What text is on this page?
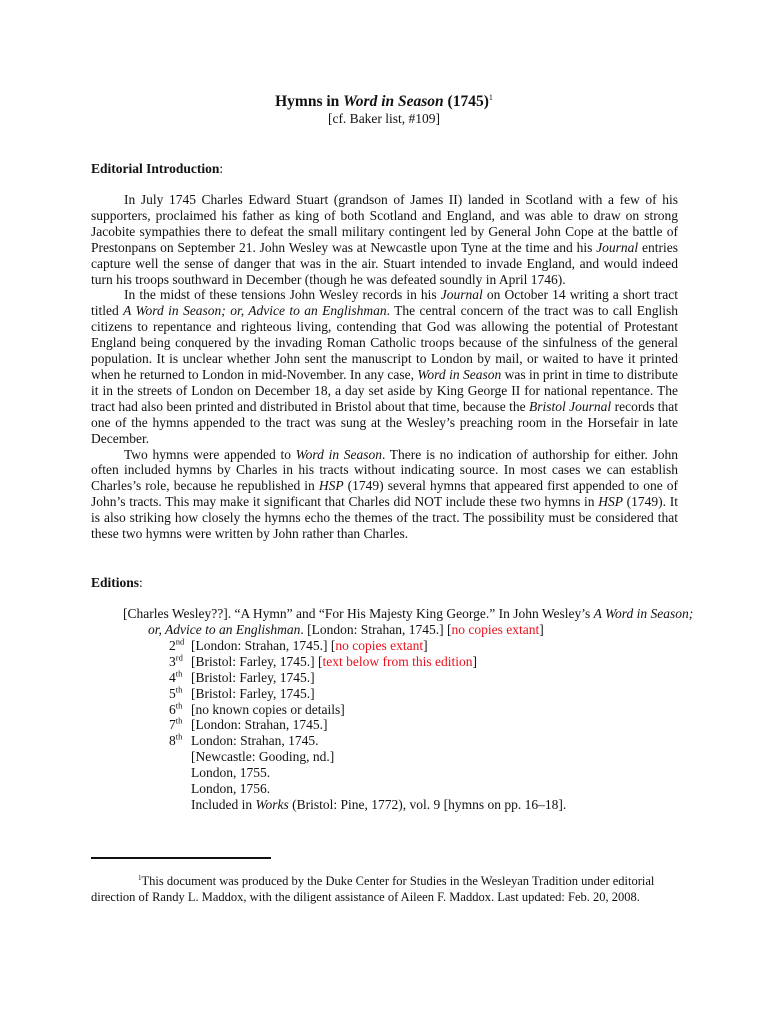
Hymns in Word in Season $(1745)^1$
[cf. Baker list, #109]
Editorial Introduction:

In July 1745 Charles Edward Stuart (grandson of James II) landed in Scotland with a few of his supporters, proclaimed his father as king of both Scotland and England, and was able to draw on strong Jacobite sympathies there to defeat the small military contingent led by General John Cope at the battle of Prestonpans on September 21. John Wesley was at Newcastle upon Tyne at the time and his Journal entries capture well the sense of danger that was in the air. Stuart intended to invade England, and would indeed turn his troops southward in December (though he was defeated soundly in April 1746).

In the midst of these tensions John Wesley records in his Journal on October 14 writing a short tract titled A Word in Season; or, Advice to an Englishman. The central concern of the tract was to call English citizens to repentance and righteous living, contending that God was allowing the potential of Protestant England being conquered by the invading Roman Catholic troops because of the sinfulness of the general population. It is unclear whether John sent the manuscript to London by mail, or waited to have it printed when he returned to London in mid-November. In any case, Word in Season was in print in time to distribute it in the streets of London on December 18, a day set aside by King George II for national repentance. The tract had also been printed and distributed in Bristol about that time, because the Bristol Journal records that one of the hymns appended to the tract was sung at the Wesley’s preaching room in the Horsefair in late December.

Two hymns were appended to Word in Season. There is no indication of authorship for either. John often included hymns by Charles in his tracts without indicating source. In most cases we can establish Charles’s role, because he republished in HSP (1749) several hymns that appeared first appended to one of John’s tracts. This may make it significant that Charles did NOT include these two hymns in HSP (1749). It is also striking how closely the hymns echo the themes of the tract. The possibility must be considered that these two hymns were written by John rather than Charles.

Editions:
[Charles Wesley??]. “A Hymn” and “For His Majesty King George.” In John Wesley’s A Word in Season; or, Advice to an Englishman. [London: Strahan, 1745.] [no copies extant]
2nd [London: Strahan, 1745.] [no copies extant]
3rd [Bristol: Farley, 1745.] [text below from this edition]
4th [Bristol: Farley, 1745.]
5th [Bristol: Farley, 1745.]
6th [no known copies or details]
7th [London: Strahan, 1745.]
8th London: Strahan, 1745.
[Newcastle: Gooding, nd.]
London, 1755.
London, 1756.
Included in Works (Bristol: Pine, 1772), vol. 9 [hymns on pp. 16–18].

$^1$This document was produced by the Duke Center for Studies in the Wesleyan Tradition under editorial direction of Randy L. Maddox, with the diligent assistance of Aileen F. Maddox. Last updated: Feb. 20, 2008.
